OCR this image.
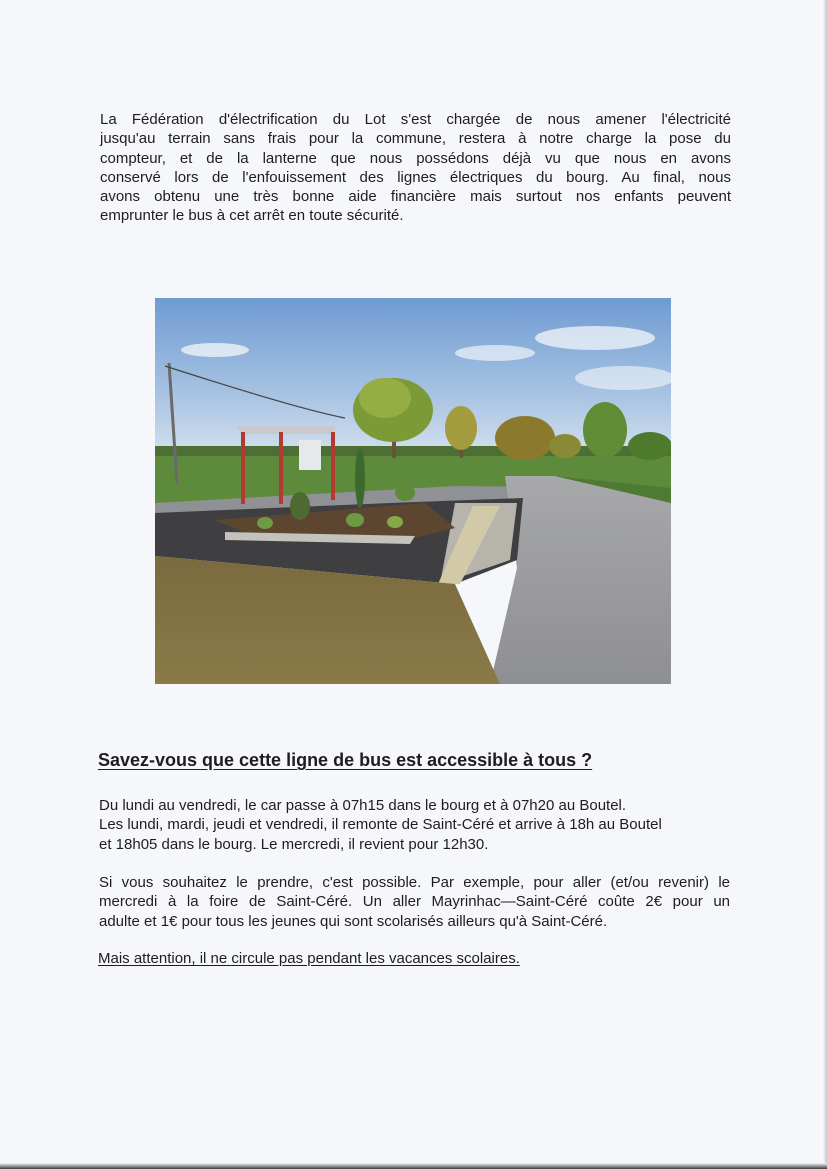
La Fédération d'électrification du Lot s'est chargée de nous amener l'électricité
jusqu'au terrain sans frais pour la commune, restera à notre charge la pose du
compteur, et de la lanterne que nous possédons déjà vu que nous en avons
conservé lors de l'enfouissement des lignes électriques du bourg. Au final, nous
avons obtenu une très bonne aide financière mais surtout nos enfants peuvent
emprunter le bus à cet arrêt en toute sécurité.

Savez-vous que cette ligne de bus est accessible à tous ?

Du lundi au vendredi, le car passe à 07h15 dans le bourg et à 07h20 au Boutel.
Les lundi, mardi, jeudi et vendredi, il remonte de Saint-Céré et arrive à 18h au Boutel
et 18h05 dans le bourg. Le mercredi, il revient pour 12h30.

Si vous souhaitez le prendre, c'est possible. Par exemple, pour aller (et/ou revenir) le
mercredi à la foire de Saint-Céré. Un aller Mayrinhac—Saint-Céré coûte 2€ pour un
adulte et 1€ pour tous les jeunes qui sont scolarisés ailleurs qu'à Saint-Céré.

Mais attention, il ne circule pas pendant les vacances scolaires.
